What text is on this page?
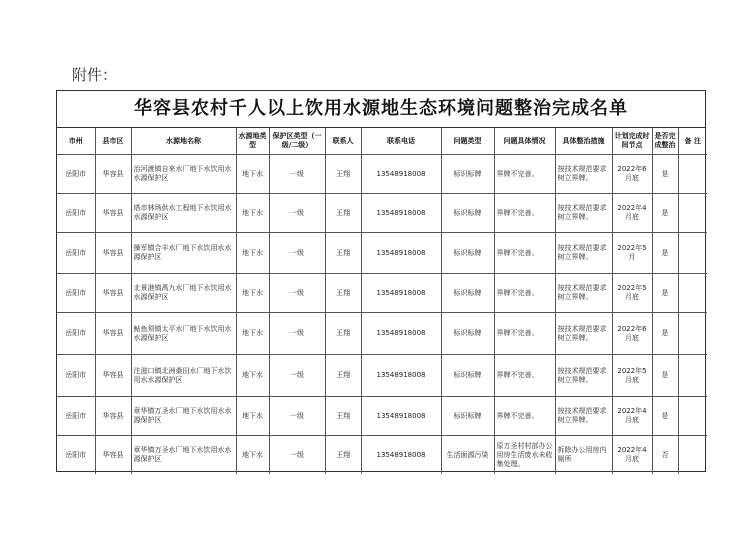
附件：
华容县农村千人以上饮用水源地生态环境问题整治完成名单
市州	县市区	水源地名称	水源地类型	保护区类型（一级/二级）	联系人	联系电话	问题类型	问题具体情况	具体整治措施	计划完成时间节点	是否完成整治	备 注
岳阳市	华容县	治河渡镇自来水厂地下水饮用水水源保护区	地下水	一级	王翔	13548918008	标识标牌	界牌不完善。	按技术规范要求树立界牌。	2022年6月底	是	
岳阳市	华容县	塔市林场供水工程地下水饮用水水源保护区	地下水	一级	王翔	13548918008	标识标牌	界牌不完善。	按技术规范要求树立界牌。	2022年4月底	是	
岳阳市	华容县	操军镇合丰水厂地下水饮用水水源保护区	地下水	一级	王翔	13548918008	标识标牌	界牌不完善。	按技术规范要求树立界牌。	2022年5月	是	
岳阳市	华容县	北景港镇禹九水厂地下水饮用水水源保护区	地下水	一级	王翔	13548918008	标识标牌	界牌不完善。	按技术规范要求树立界牌。	2022年5月底	是	
岳阳市	华容县	鲇鱼须镇太平水厂地下水饮用水水源保护区	地下水	一级	王翔	13548918008	标识标牌	界牌不完善。	按技术规范要求树立界牌。	2022年6月底	是	
岳阳市	华容县	注滋口镇北洲桑田水厂地下水饮用水水源保护区	地下水	一级	王翔	13548918008	标识标牌	界牌不完善。	按技术规范要求树立界牌。	2022年5月底	是	
岳阳市	华容县	章华镇万圣水厂地下水饮用水水源保护区	地下水	一级	王翔	13548918008	标识标牌	界牌不完善。	按技术规范要求树立界牌。	2022年4月底	是	
岳阳市	华容县	章华镇万圣水厂地下水饮用水水源保护区	地下水	一级	王翔	13548918008	生活面源污染	原万圣村村部办公用房生活废水未收集处理。	拆除办公用房内厕所	2022年4月底	否	
